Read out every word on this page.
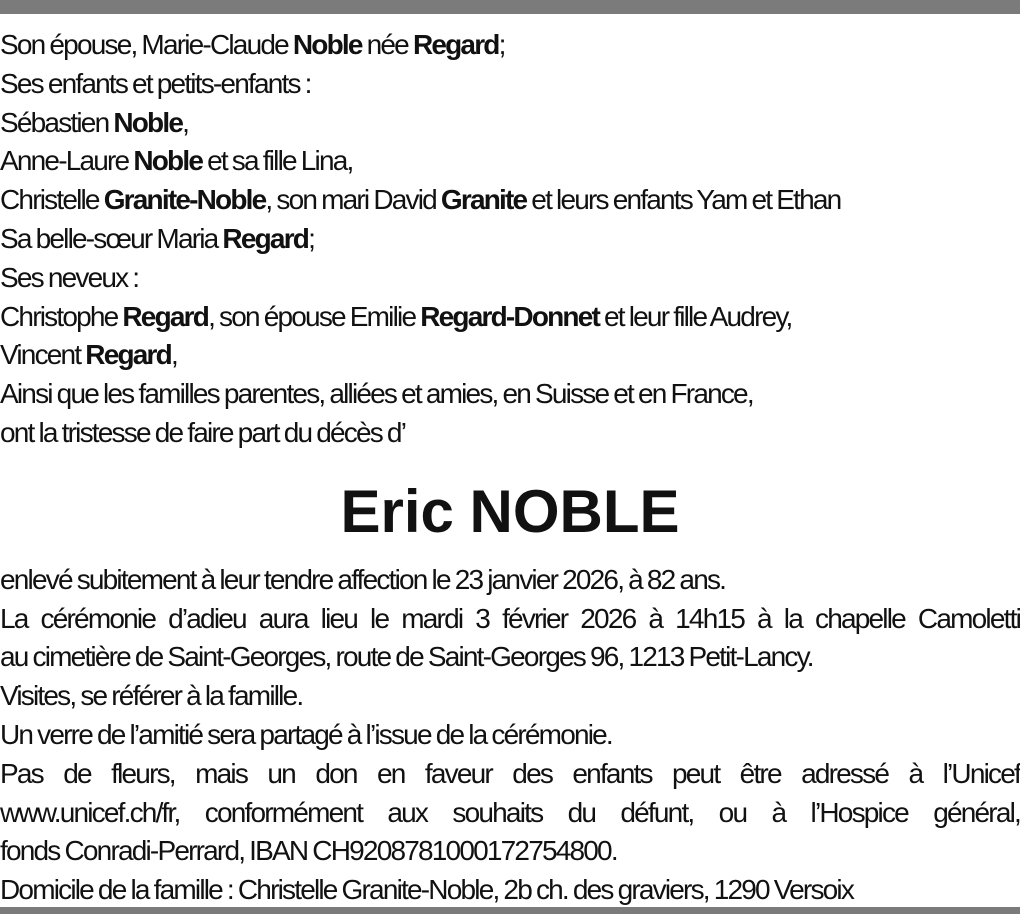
Son épouse, Marie-Claude Noble née Regard;
Ses enfants et petits-enfants :
Sébastien Noble,
Anne-Laure Noble et sa fille Lina,
Christelle Granite-Noble, son mari David Granite et leurs enfants Yam et Ethan
Sa belle-sœur Maria Regard;
Ses neveux :
Christophe Regard, son épouse Emilie Regard-Donnet et leur fille Audrey,
Vincent Regard,
Ainsi que les familles parentes, alliées et amies, en Suisse et en France,
ont la tristesse de faire part du décès d’
Eric NOBLE
enlevé subitement à leur tendre affection le 23 janvier 2026, à 82 ans.
La cérémonie d’adieu aura lieu le mardi 3 février 2026 à 14h15 à la chapelle Camoletti
au cimetière de Saint-Georges, route de Saint-Georges 96, 1213 Petit-Lancy.
Visites, se référer à la famille.
Un verre de l’amitié sera partagé à l’issue de la cérémonie.
Pas de fleurs, mais un don en faveur des enfants peut être adressé à l’Unicef
www.unicef.ch/fr, conformément aux souhaits du défunt, ou à l’Hospice général,
fonds Conradi-Perrard, IBAN CH9208781000172754800.
Domicile de la famille : Christelle Granite-Noble, 2b ch. des graviers, 1290 Versoix
